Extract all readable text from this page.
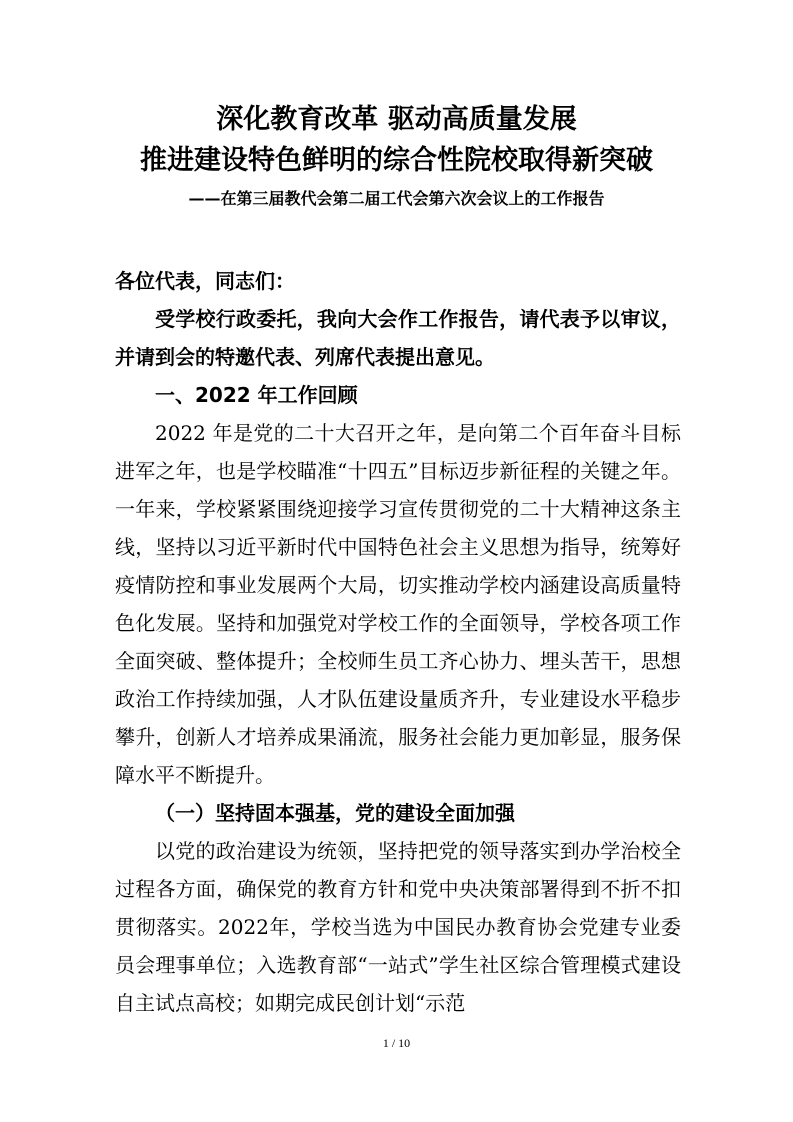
深化教育改革 驱动高质量发展
推进建设特色鲜明的综合性院校取得新突破
——在第三届教代会第二届工代会第六次会议上的工作报告

各位代表，同志们：

受学校行政委托，我向大会作工作报告，请代表予以审议，并请到会的特邀代表、列席代表提出意见。

一、2022 年工作回顾

2022 年是党的二十大召开之年，是向第二个百年奋斗目标进军之年，也是学校瞄准“十四五”目标迈步新征程的关键之年。一年来，学校紧紧围绕迎接学习宣传贯彻党的二十大精神这条主线，坚持以习近平新时代中国特色社会主义思想为指导，统筹好疫情防控和事业发展两个大局，切实推动学校内涵建设高质量特色化发展。坚持和加强党对学校工作的全面领导，学校各项工作全面突破、整体提升；全校师生员工齐心协力、埋头苦干，思想政治工作持续加强，人才队伍建设量质齐升，专业建设水平稳步攀升，创新人才培养成果涌流，服务社会能力更加彰显，服务保障水平不断提升。

（一）坚持固本强基，党的建设全面加强

以党的政治建设为统领，坚持把党的领导落实到办学治校全过程各方面，确保党的教育方针和党中央决策部署得到不折不扣贯彻落实。2022年，学校当选为中国民办教育协会党建专业委员会理事单位；入选教育部“一站式”学生社区综合管理模式建设自主试点高校；如期完成民创计划“示范

1 / 10
